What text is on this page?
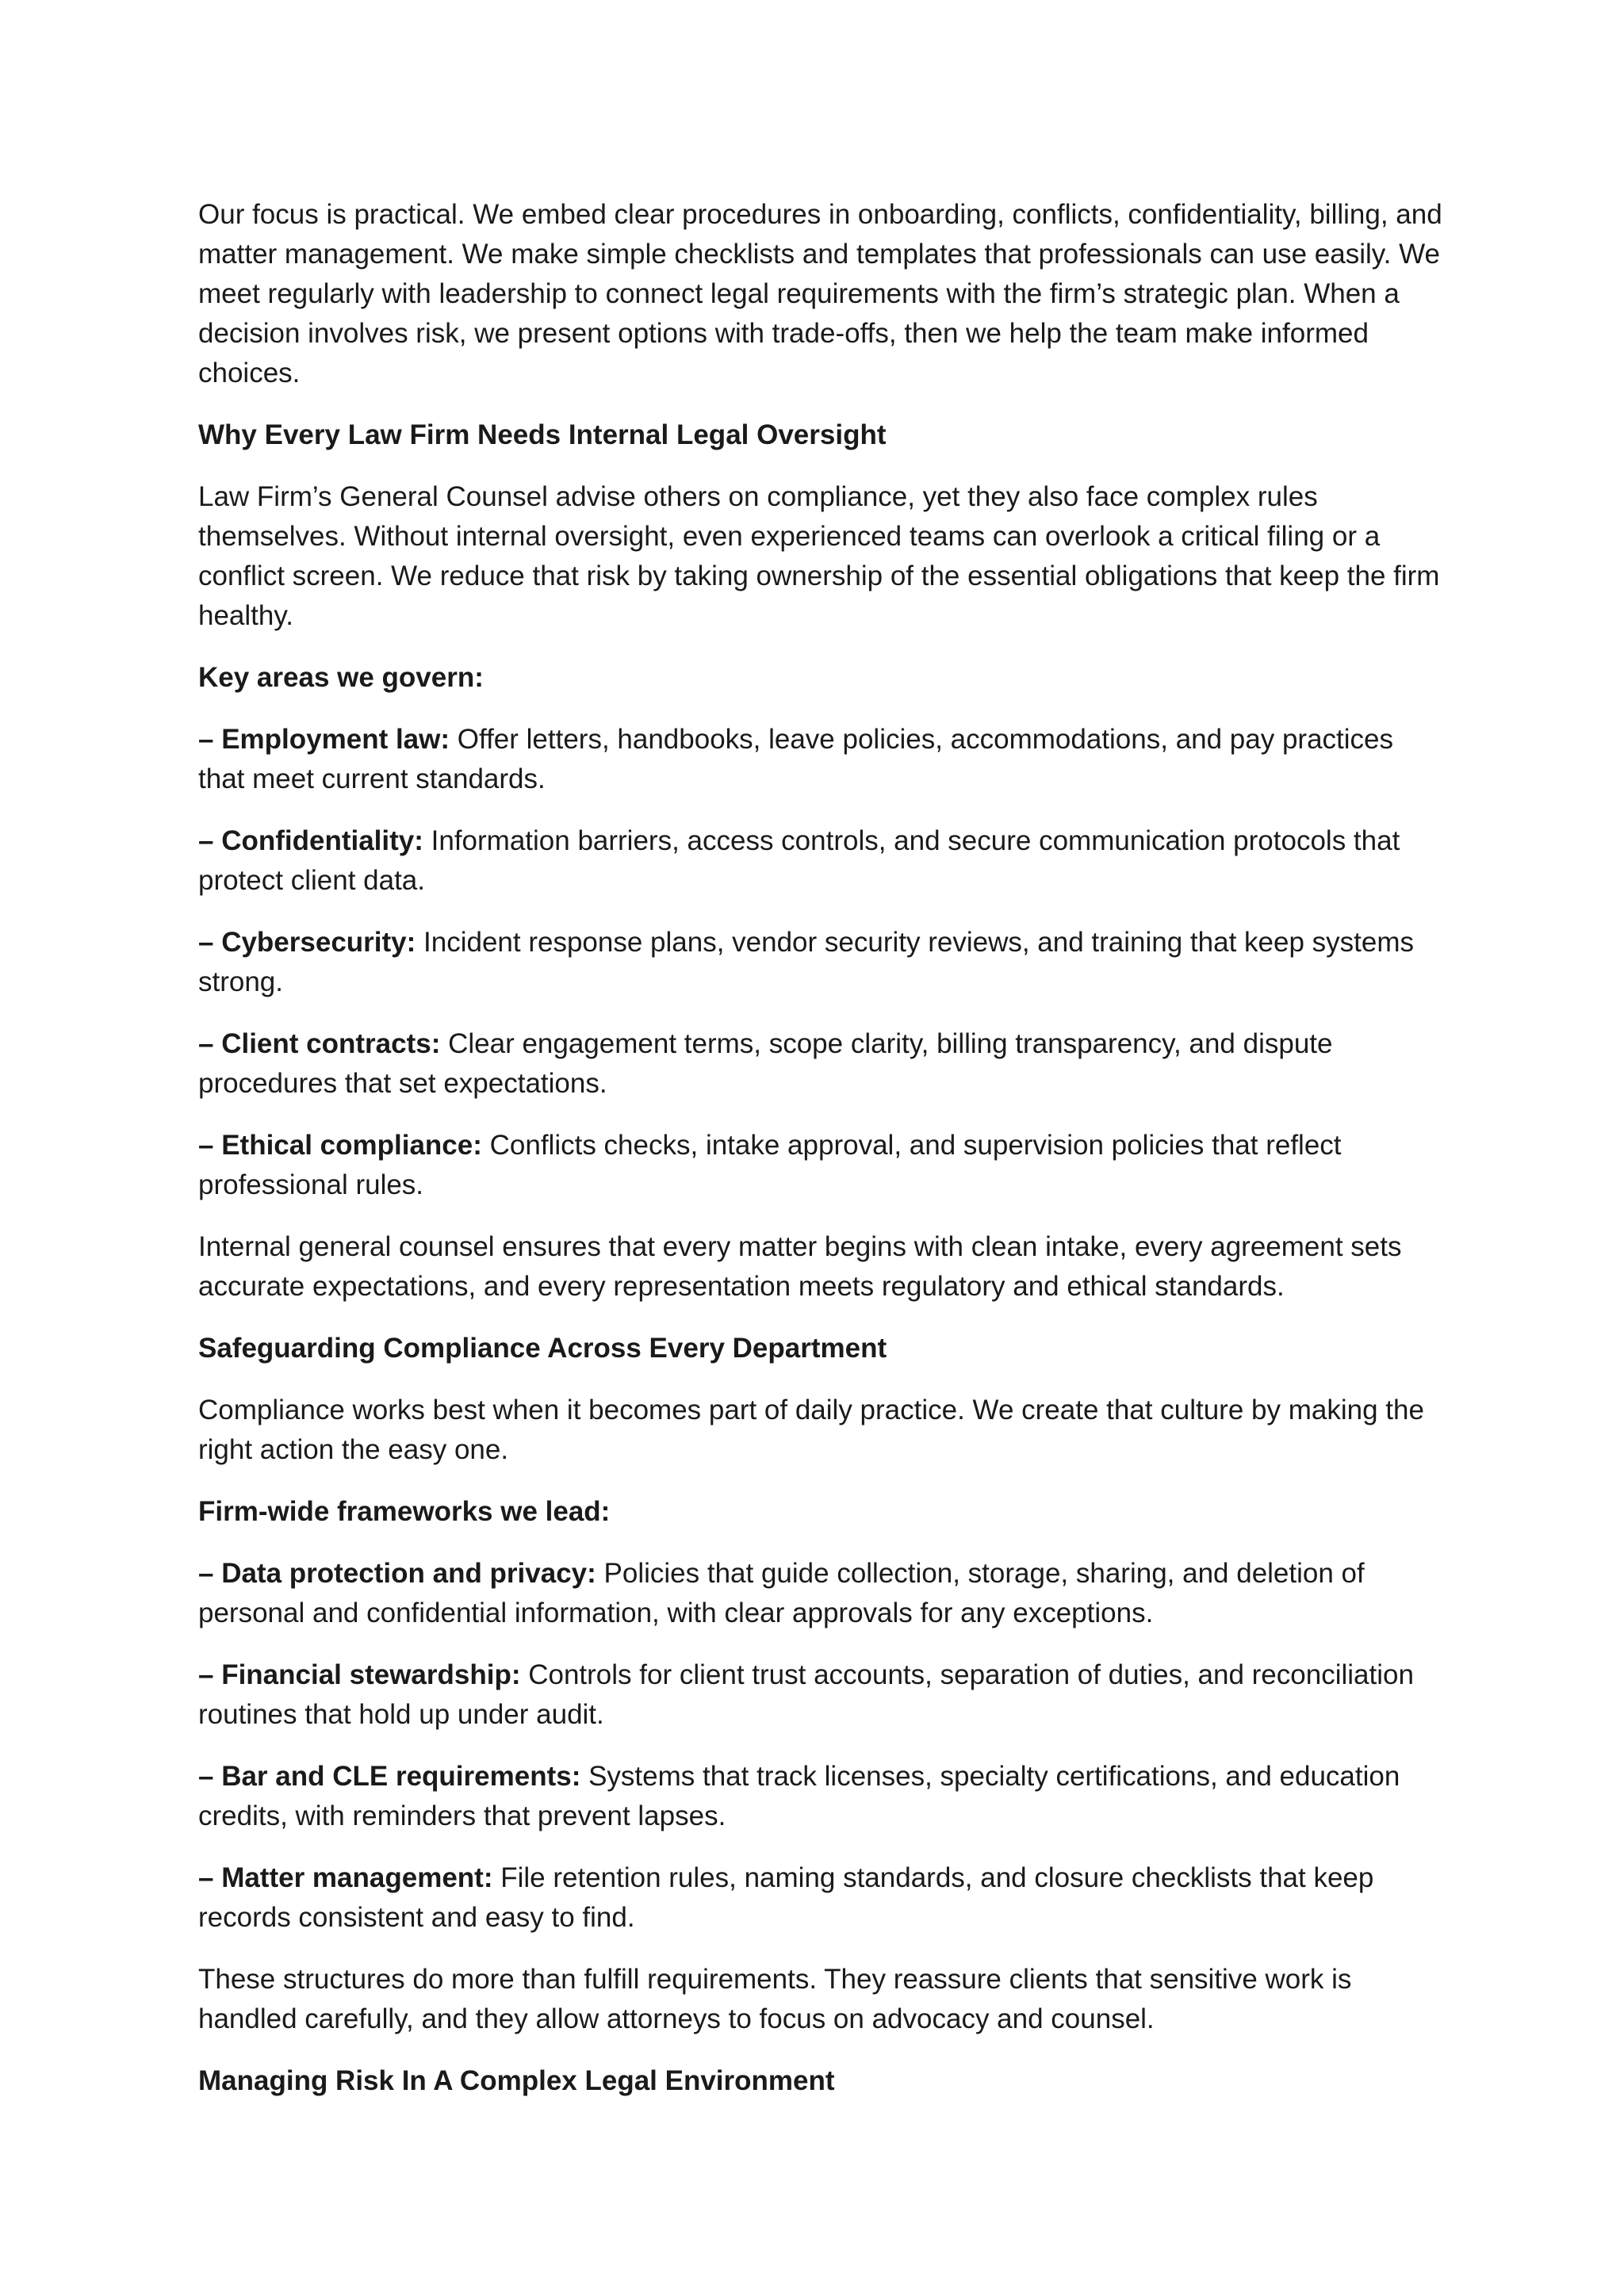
Our focus is practical. We embed clear procedures in onboarding, conflicts, confidentiality, billing, and matter management. We make simple checklists and templates that professionals can use easily. We meet regularly with leadership to connect legal requirements with the firm’s strategic plan. When a decision involves risk, we present options with trade-offs, then we help the team make informed choices.

Why Every Law Firm Needs Internal Legal Oversight

Law Firm’s General Counsel advise others on compliance, yet they also face complex rules themselves. Without internal oversight, even experienced teams can overlook a critical filing or a conflict screen. We reduce that risk by taking ownership of the essential obligations that keep the firm healthy.

Key areas we govern:

– Employment law: Offer letters, handbooks, leave policies, accommodations, and pay practices that meet current standards.

– Confidentiality: Information barriers, access controls, and secure communication protocols that protect client data.

– Cybersecurity: Incident response plans, vendor security reviews, and training that keep systems strong.

– Client contracts: Clear engagement terms, scope clarity, billing transparency, and dispute procedures that set expectations.

– Ethical compliance: Conflicts checks, intake approval, and supervision policies that reflect professional rules.

Internal general counsel ensures that every matter begins with clean intake, every agreement sets accurate expectations, and every representation meets regulatory and ethical standards.

Safeguarding Compliance Across Every Department

Compliance works best when it becomes part of daily practice. We create that culture by making the right action the easy one.

Firm-wide frameworks we lead:

– Data protection and privacy: Policies that guide collection, storage, sharing, and deletion of personal and confidential information, with clear approvals for any exceptions.

– Financial stewardship: Controls for client trust accounts, separation of duties, and reconciliation routines that hold up under audit.

– Bar and CLE requirements: Systems that track licenses, specialty certifications, and education credits, with reminders that prevent lapses.

– Matter management: File retention rules, naming standards, and closure checklists that keep records consistent and easy to find.

These structures do more than fulfill requirements. They reassure clients that sensitive work is handled carefully, and they allow attorneys to focus on advocacy and counsel.

Managing Risk In A Complex Legal Environment
